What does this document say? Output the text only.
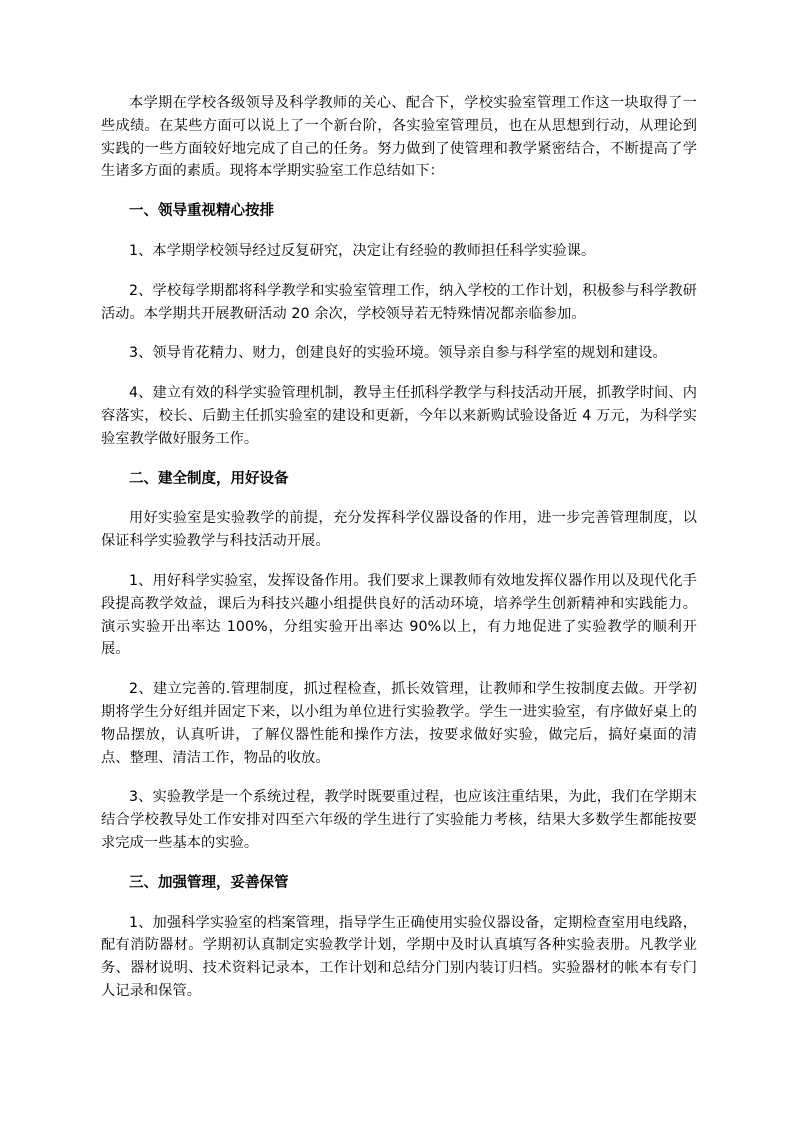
本学期在学校各级领导及科学教师的关心、配合下，学校实验室管理工作这一块取得了一些成绩。在某些方面可以说上了一个新台阶，各实验室管理员，也在从思想到行动，从理论到实践的一些方面较好地完成了自己的任务。努力做到了使管理和教学紧密结合，不断提高了学生诸多方面的素质。现将本学期实验室工作总结如下：

一、领导重视精心按排

1、本学期学校领导经过反复研究，决定让有经验的教师担任科学实验课。

2、学校每学期都将科学教学和实验室管理工作，纳入学校的工作计划，积极参与科学教研活动。本学期共开展教研活动 20 余次，学校领导若无特殊情况都亲临参加。

3、领导肯花精力、财力，创建良好的实验环境。领导亲自参与科学室的规划和建设。

4、建立有效的科学实验管理机制，教导主任抓科学教学与科技活动开展，抓教学时间、内容落实，校长、后勤主任抓实验室的建设和更新，今年以来新购试验设备近 4 万元，为科学实验室教学做好服务工作。

二、建全制度，用好设备

用好实验室是实验教学的前提，充分发挥科学仪器设备的作用，进一步完善管理制度，以保证科学实验教学与科技活动开展。

1、用好科学实验室，发挥设备作用。我们要求上课教师有效地发挥仪器作用以及现代化手段提高教学效益，课后为科技兴趣小组提供良好的活动环境，培养学生创新精神和实践能力。演示实验开出率达 100%，分组实验开出率达 90%以上，有力地促进了实验教学的顺利开展。

2、建立完善的.管理制度，抓过程检查，抓长效管理，让教师和学生按制度去做。开学初期将学生分好组并固定下来，以小组为单位进行实验教学。学生一进实验室，有序做好桌上的物品摆放，认真听讲，了解仪器性能和操作方法，按要求做好实验，做完后，搞好桌面的清点、整理、清洁工作，物品的收放。

3、实验教学是一个系统过程，教学时既要重过程，也应该注重结果，为此，我们在学期末结合学校教导处工作安排对四至六年级的学生进行了实验能力考核，结果大多数学生都能按要求完成一些基本的实验。

三、加强管理，妥善保管

1、加强科学实验室的档案管理，指导学生正确使用实验仪器设备，定期检查室用电线路，配有消防器材。学期初认真制定实验教学计划，学期中及时认真填写各种实验表册。凡教学业务、器材说明、技术资料记录本，工作计划和总结分门别内装订归档。实验器材的帐本有专门人记录和保管。
